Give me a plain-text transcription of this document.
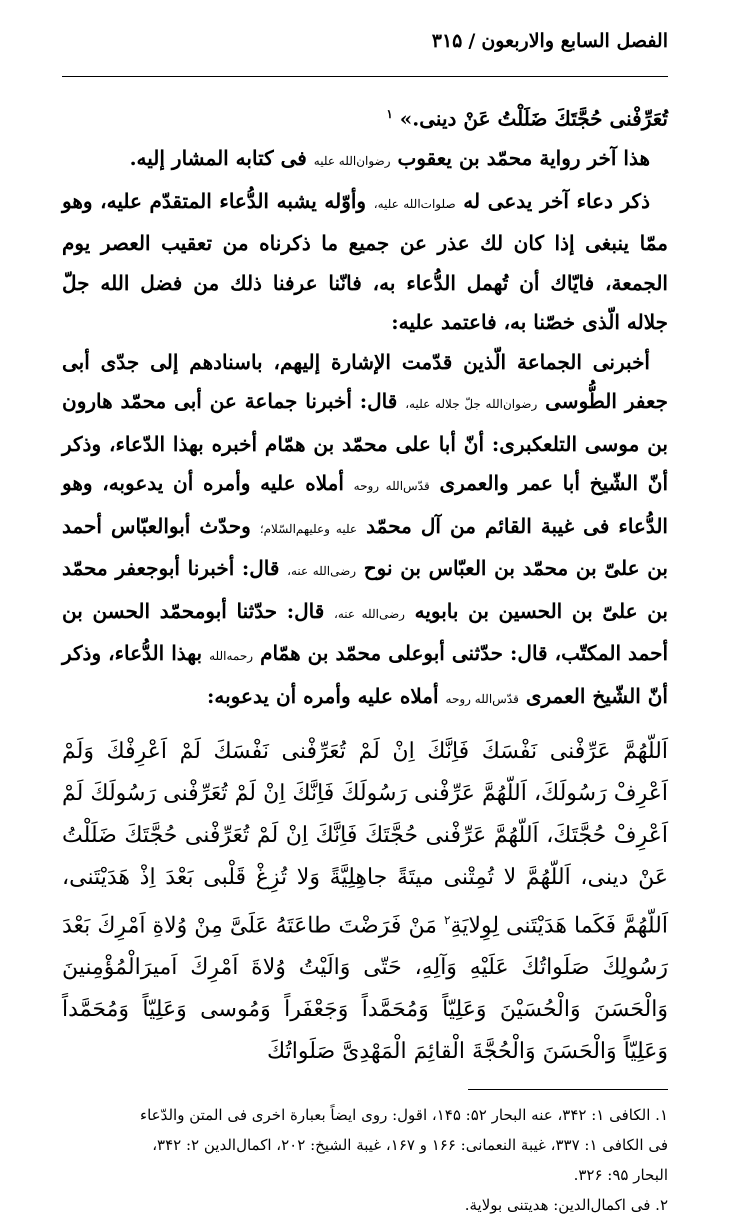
الفصل السابع والاربعون
/
۳۱۵

تُعَرِّفْنى حُجَّتَكَ ضَلَلْتُ عَنْ دينى.» $^۱$

هذا آخر رواية محمّد بن يعقوب رضوان‌الله عليه فى كتابه المشار إليه.

ذكر دعاء آخر يدعى له صلوات‌الله عليه، وأوّله يشبه الدُّعاء المتقدّم عليه، وهو ممّا ينبغى إذا كان لك عذر عن جميع ما ذكرناه من تعقيب العصر يوم الجمعة، فايّاك أن تُهمل الدُّعاء به، فانّنا عرفنا ذلك من فضل الله جلّ جلاله الّذى خصّنا به، فاعتمد عليه:

أخبرنى الجماعة الّذين قدّمت الإشارة إليهم، باسنادهم إلى جدّى أبى جعفر الطُّوسى رضوان‌الله جلّ جلاله عليه، قال: أخبرنا جماعة عن أبى محمّد هارون بن موسى التلعكبرى: أنّ أبا على محمّد بن همّام أخبره بهذا الدّعاء، وذكر أنّ الشّيخ أبا عمر والعمرى قدّس‌الله روحه أملاه عليه وأمره أن يدعوبه، وهو الدُّعاء فى غيبة القائم من آل محمّد عليه وعليهم‌السّلام؛ وحدّث أبوالعبّاس أحمد بن علىّ بن محمّد بن العبّاس بن نوح رضى‌الله عنه، قال: أخبرنا أبوجعفر محمّد بن علىّ بن الحسين بن بابويه رضى‌الله عنه، قال: حدّثنا أبومحمّد الحسن بن أحمد المكتّب، قال: حدّثنى أبوعلى محمّد بن همّام رحمه‌الله بهذا الدُّعاء، وذكر أنّ الشّيخ العمرى قدّس‌الله روحه أملاه عليه وأمره أن يدعوبه:

اَللّهُمَّ عَرِّفْنى نَفْسَكَ فَاِنَّكَ اِنْ لَمْ تُعَرِّفْنى نَفْسَكَ لَمْ اَعْرِفْكَ وَلَمْ اَعْرِفْ رَسُولَكَ، اَللّهُمَّ عَرِّفْنى رَسُولَكَ فَاِنَّكَ اِنْ لَمْ تُعَرِّفْنى رَسُولَكَ لَمْ اَعْرِفْ حُجَّتَكَ، اَللّهُمَّ عَرِّفْنى حُجَّتَكَ فَاِنَّكَ اِنْ لَمْ تُعَرِّفْنى حُجَّتَكَ ضَلَلْتُ عَنْ دينى، اَللّهُمَّ لا تُمِتْنى ميتَةً جاهِلِيَّةً وَلا تُزِغْ قَلْبى بَعْدَ اِذْ هَدَيْتَنى، اَللّهُمَّ فَكَما هَدَيْتَنى لِوِلايَةِ$^۲$ مَنْ فَرَضْتَ طاعَتَهُ عَلَىَّ مِنْ وُلاةِ اَمْرِكَ بَعْدَ رَسُولِكَ صَلَواتُكَ عَلَيْهِ وَآلِهِ، حَتّى وَالَيْتُ وُلاةَ اَمْرِكَ اَميرَالْمُؤْمِنينَ وَالْحَسَنَ وَالْحُسَيْنَ وَعَلِيّاً وَمُحَمَّداً وَجَعْفَراً وَمُوسى وَعَلِيّاً وَمُحَمَّداً وَعَلِيّاً وَالْحَسَنَ وَالْحُجَّةَ الْقائِمَ الْمَهْدِىَّ صَلَواتُكَ

۱. الكافى ۱: ۳۴۲، عنه البحار ۵۲: ۱۴۵، اقول: روى ايضاً بعبارة اخرى فى المتن والدّعاء

فى الكافى ۱: ۳۳۷، غيبة النعمانى: ۱۶۶ و ۱۶۷، غيبة الشيخ: ۲۰۲، اكمال‌الدين ۲: ۳۴۲،

البحار ۹۵: ۳۲۶.

۲. فى اكمال‌الدين: هديتنى بولاية.
